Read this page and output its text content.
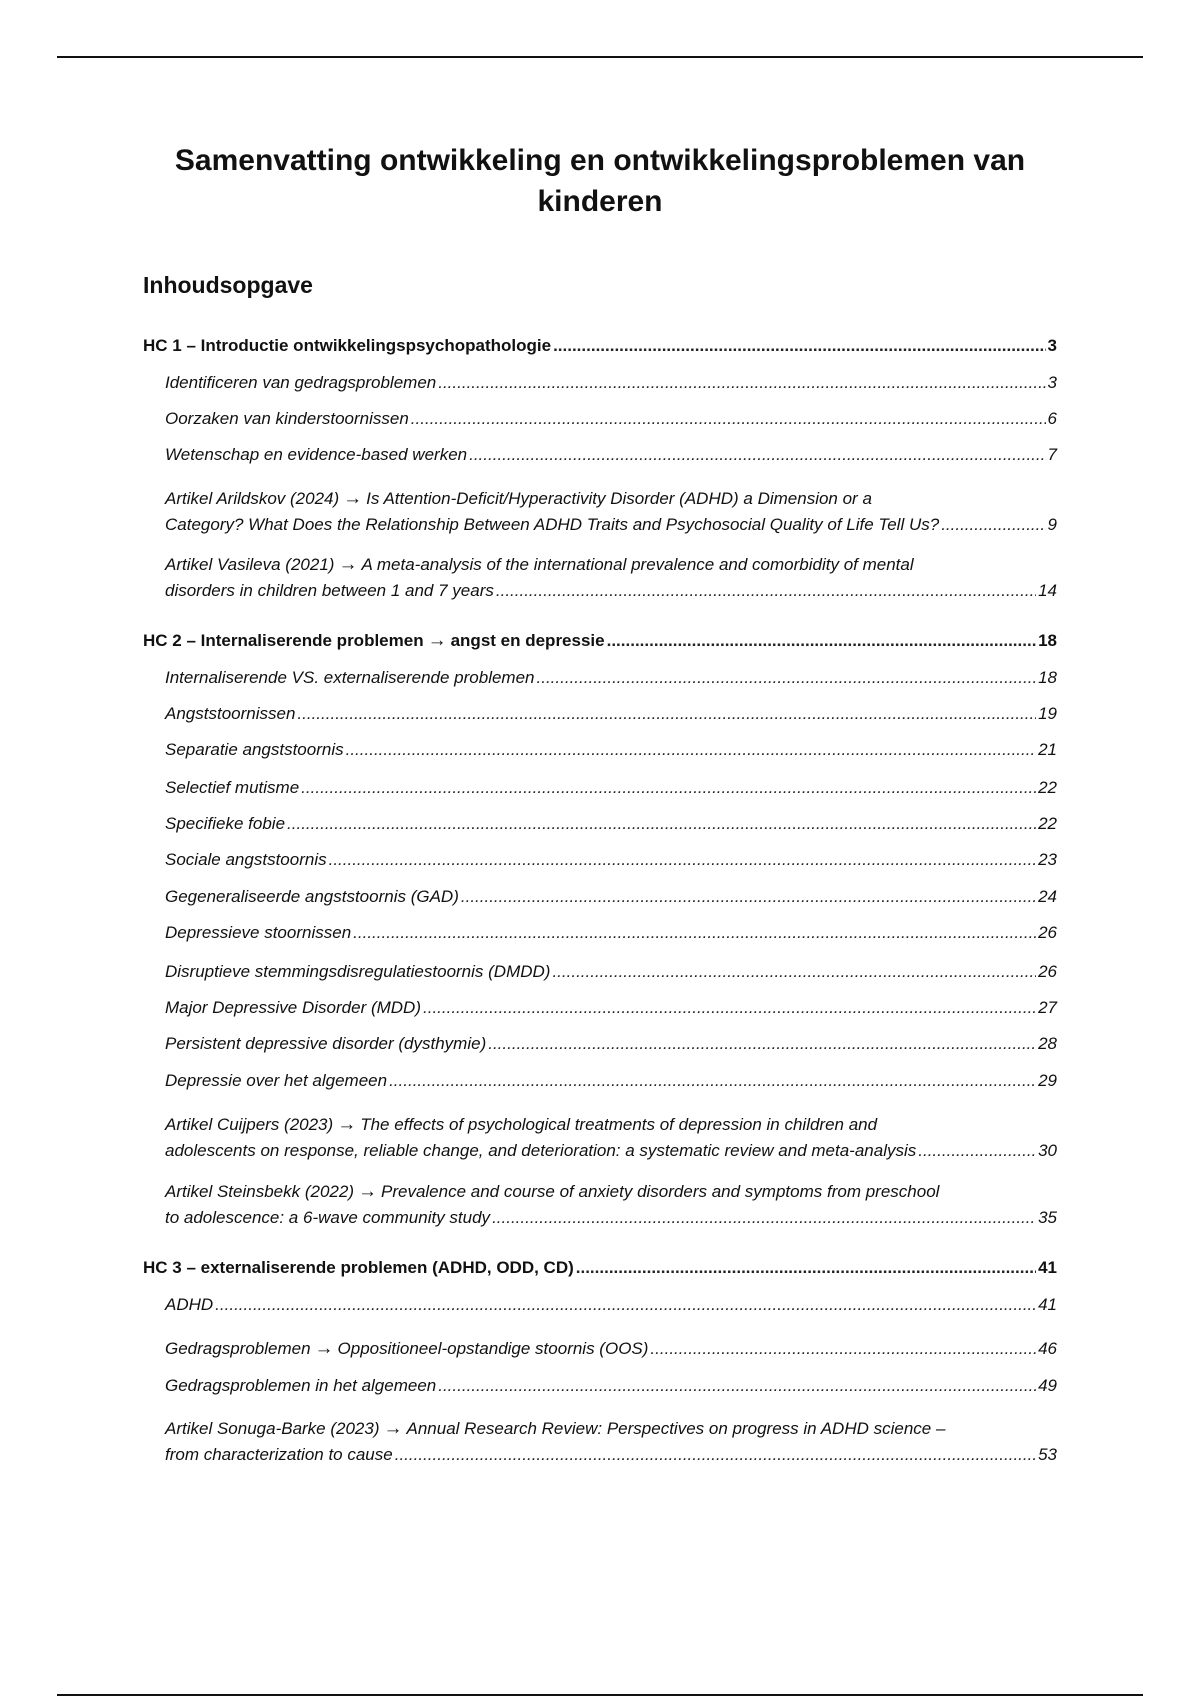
Samenvatting ontwikkeling en ontwikkelingsproblemen van kinderen
Inhoudsopgave
HC 1 – Introductie ontwikkelingspsychopathologie .....	3
Identificeren van gedragsproblemen .....	3
Oorzaken van kinderstoornissen .....	6
Wetenschap en evidence-based werken .....	7
Artikel Arildskov (2024) → Is Attention-Deficit/Hyperactivity Disorder (ADHD) a Dimension or a
Category? What Does the Relationship Between ADHD Traits and Psychosocial Quality of Life Tell Us? .....	9
Artikel Vasileva (2021) → A meta-analysis of the international prevalence and comorbidity of mental
disorders in children between 1 and 7 years .....	14
HC 2 – Internaliserende problemen → angst en depressie .....	18
Internaliserende VS. externaliserende problemen .....	18
Angststoornissen .....	19
Separatie angststoornis .....	21
Selectief mutisme .....	22
Specifieke fobie .....	22
Sociale angststoornis .....	23
Gegeneraliseerde angststoornis (GAD) .....	24
Depressieve stoornissen .....	26
Disruptieve stemmingsdisregulatiestoornis (DMDD) .....	26
Major Depressive Disorder (MDD) .....	27
Persistent depressive disorder (dysthymie) .....	28
Depressie over het algemeen .....	29
Artikel Cuijpers (2023) → The effects of psychological treatments of depression in children and
adolescents on response, reliable change, and deterioration: a systematic review and meta-analysis .....	30
Artikel Steinsbekk (2022) → Prevalence and course of anxiety disorders and symptoms from preschool
to adolescence: a 6-wave community study .....	35
HC 3 – externaliserende problemen (ADHD, ODD, CD) .....	41
ADHD .....	41
Gedragsproblemen → Oppositioneel-opstandige stoornis (OOS) .....	46
Gedragsproblemen in het algemeen .....	49
Artikel Sonuga-Barke (2023) → Annual Research Review: Perspectives on progress in ADHD science –
from characterization to cause .....	53
